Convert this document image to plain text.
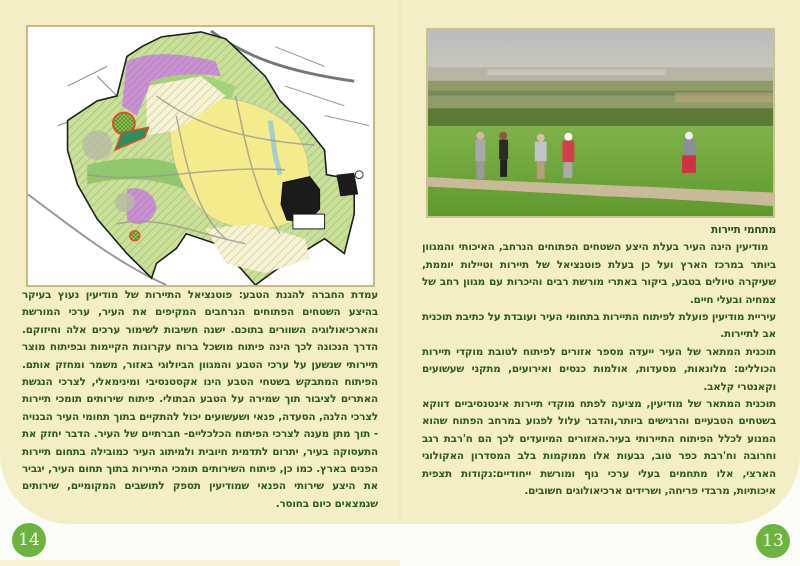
עמדת החברה להגנת הטבע: פוטנציאל התיירות של מודיעין נעוץ בעיקר בהיצע השטחים הפתוחים הנרחבים המקיפים את העיר, ערכי המורשת והארכיאולוגיה השוורים בתוכם. ישנה חשיבות לשימור ערכים אלה וחיזוקם. הדרך הנכונה לכך הינה פיתוח מושכל ברוח עקרונות הקיימות ובפיתוח מוצר תיירותי שנשען על ערכי הטבע והמגוון הביולוגי באזור, משמר ומחזק אותם. הפיתוח המתבקש בשטחי הטבע הינו אקסטנסיבי ומינימאלי, לצרכי הנגשת האתרים לציבור תוך שמירה על הטבע הבתולי. פיתוח שירותים תומכי תיירות לצרכי הלנה, הסעדה, פנאי ושעשועים יכול להתקיים בתוך תחומי העיר הבנויה - תוך מתן מענה לצרכי הפיתוח הכלכליים- חברתיים של העיר. הדבר יחזק את התעסוקה בעיר, יתרום לתדמית חיובית ולמיתוג העיר כמובילה בתחום תיירות הפנים בארץ. כמו כן, פיתוח השירותים תומכי התיירות בתוך תחום העיר, יגביר את היצע שירותי הפנאי שמודיעין תספק לתושבים המקומיים, שירותים שנמצאים כיום בחוסר.

מתחמי תיירות

מודיעין הינה העיר בעלת היצע השטחים הפתוחים הנרחב, האיכותי והמגוון ביותר במרכז הארץ ועל כן בעלת פוטנציאל של תיירות וטיילות יוממת, שעיקרה טיולים בטבע, ביקור באתרי מורשת רבים והיכרות עם מגוון רחב של צמחיה ובעלי חיים.

עיריית מודיעין פועלת לפיתוח התיירות בתחומי העיר ועובדת על כתיבת תוכנית אב לתיירות.

תוכנית המתאר של העיר ייעדה מספר אזורים לפיתוח לטובת מוקדי תיירות הכוללים: מלונאות, מסעדות, אולמות כנסים ואירועים, מתקני שעשועים וקאנטרי קלאב.

תוכנית המתאר של מודיעין, מציעה לפתח מוקדי תיירות אינטנסיביים דווקא בשטחים הטבעיים והרגישים ביותר,והדבר עלול לפגוע במרחב הפתוח שהוא המנוע לכלל הפיתוח התיירותי בעיר.האזורים המיועדים לכך הם ח'רבת רגב וחרובה וח'רבת כפר טוב, גבעות אלו ממוקמות בלב המסדרון האקולוגי הארצי, אלו מתחמים בעלי ערכי נוף ומורשת ייחודיים:נקודות תצפית איכותיות, מרבדי פריחה, ושרידים ארכיאולוגים חשובים.

14	13
